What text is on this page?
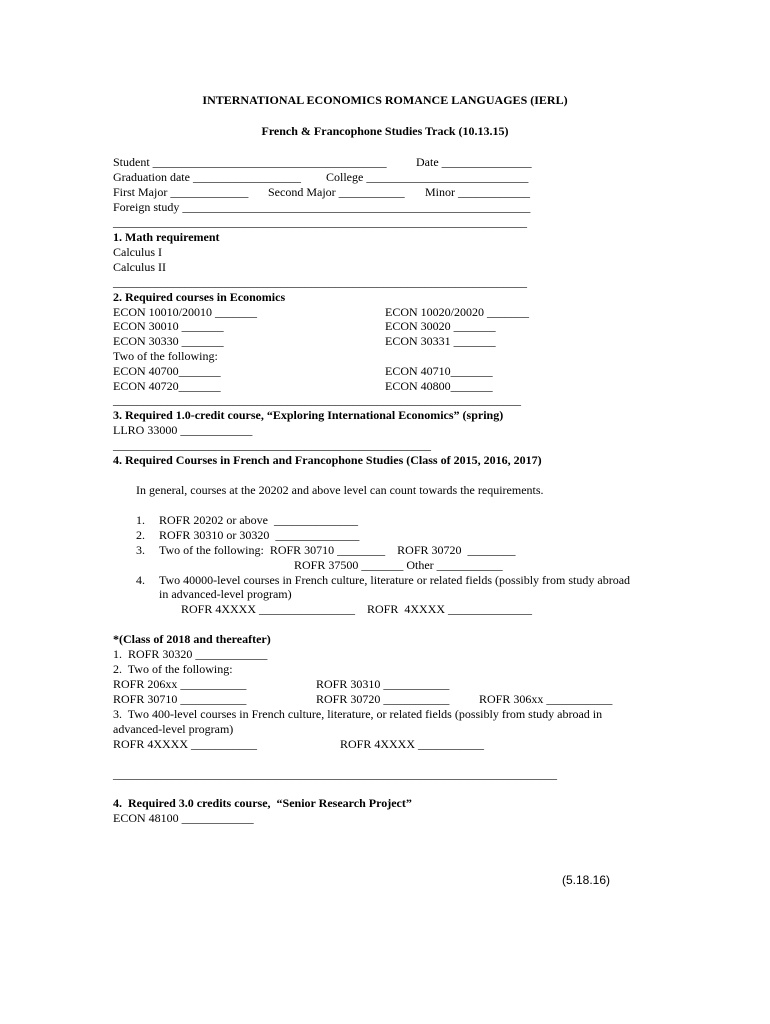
INTERNATIONAL ECONOMICS ROMANCE LANGUAGES (IERL)
French & Francophone Studies Track (10.13.15)
Student _______________________________________ Date _______________
Graduation date __________________ College ___________________________
First Major _____________ Second Major ___________ Minor ____________
Foreign study __________________________________________________________
_____________________________________________________________________
1. Math requirement
Calculus I
Calculus II
_____________________________________________________________________
2. Required courses in Economics
ECON 10010/20010 _______	ECON 10020/20020 _______
ECON 30010 _______	ECON 30020 _______
ECON 30330 _______	ECON 30331 _______
Two of the following:
ECON 40700_______	ECON 40710_______
ECON 40720_______	ECON 40800_______
____________________________________________________________________
3. Required 1.0-credit course, “Exploring International Economics” (spring)
LLRO 33000 ____________
_____________________________________________________
4. Required Courses in French and Francophone Studies (Class of 2015, 2016, 2017)
In general, courses at the 20202 and above level can count towards the requirements.
1. ROFR 20202 or above  ______________
2. ROFR 30310 or 30320  ______________
3. Two of the following:  ROFR 30710 ________    ROFR 30720  ________
ROFR 37500 _______ Other ___________
4. Two 40000-level courses in French culture, literature or related fields (possibly from study abroad
in advanced-level program)
ROFR 4XXXX ________________    ROFR  4XXXX ______________
*(Class of 2018 and thereafter)
1.  ROFR 30320 ____________
2.  Two of the following:
ROFR 206xx ___________	ROFR 30310 ___________
ROFR 30710 ___________	ROFR 30720 ___________ ROFR 306xx ___________
3.  Two 400-level courses in French culture, literature, or related fields (possibly from study abroad in
advanced-level program)
ROFR 4XXXX ___________	ROFR 4XXXX ___________
__________________________________________________________________________
4.  Required 3.0 credits course,  “Senior Research Project”
ECON 48100 ____________
(5.18.16)
